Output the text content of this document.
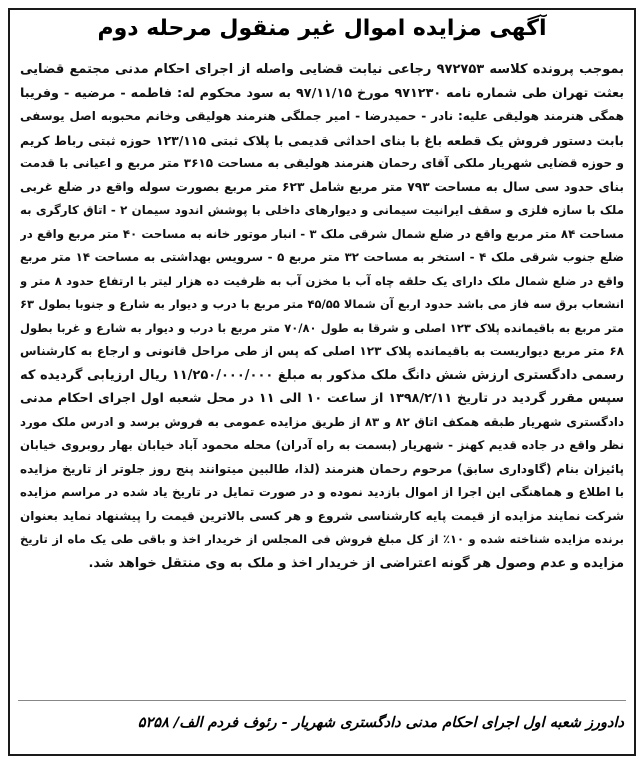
آگهی مزایده اموال غیر منقول مرحله دوم
بموجب پرونده کلاسه ۹۷۲۷۵۳ رجاعی نیابت قضایی واصله از اجرای احکام مدنی مجتمع قضایی
بعثت تهران طی شماره نامه ۹۷۱۲۳۰ مورخ ۹۷/۱۱/۱۵ به سود محکوم له: فاطمه - مرضیه - وفریبا
همگی هنرمند هولیقی علیه: نادر - حمیدرضا - امیر جملگی هنرمند هولیقی وخانم محبوبه اصل یوسفی
بابت دستور فروش یک قطعه باغ با بنای احداثی قدیمی با پلاک ثبتی ۱۲۳/۱۱۵ حوزه ثبتی رباط کریم
و حوزه قضایی شهریار ملکی آقای رحمان هنرمند هولیقی به مساحت ۳۶۱۵ متر مربع و اعیانی با قدمت
بنای حدود سی سال به مساحت ۷۹۳ متر مربع شامل ۶۲۳ متر مربع بصورت سوله واقع در ضلع غربی
ملک با سازه فلزی و سقف ایرانیت سیمانی و دیوارهای داخلی با پوشش اندود سیمان ۲ - اتاق کارگری به
مساحت ۸۴ متر مربع واقع در ضلع شمال شرقی ملک ۳ - انبار موتور خانه به مساحت ۴۰ متر مربع واقع در
ضلع جنوب شرقی ملک ۴ - استخر به مساحت ۳۲ متر مربع ۵ - سرویس بهداشتی به مساحت ۱۴ متر مربع
واقع در ضلع شمال ملک دارای یک حلقه چاه آب با مخزن آب به ظرفیت ده هزار لیتر با ارتفاع حدود ۸ متر و
انشعاب برق سه فاز می باشد حدود اربع آن شمالا ۴۵/۵۵ متر مربع با درب و دیوار به شارع و جنوبا بطول ۶۳
متر مربع به باقیمانده پلاک ۱۲۳ اصلی و شرقا به طول ۷۰/۸۰ متر مربع با درب و دیوار به شارع و غربا بطول
۶۸ متر مربع دیواریست به باقیمانده پلاک ۱۲۳ اصلی که پس از طی مراحل قانونی و ارجاع به کارشناس
رسمی دادگستری ارزش شش دانگ ملک مذکور به مبلغ ۱۱/۲۵۰/۰۰۰/۰۰۰ ریال ارزیابی گردیده که
سپس مقرر گردید در تاریخ ۱۳۹۸/۲/۱۱ از ساعت ۱۰ الی ۱۱ در محل شعبه اول اجرای احکام مدنی
دادگستری شهریار طبقه همکف اتاق ۸۲ و ۸۳ از طریق مزایده عمومی به فروش برسد و ادرس ملک مورد
نظر واقع در جاده قدیم کهنز - شهریار (بسمت به راه آدران) محله محمود آباد خیابان بهار روبروی خیابان
پائیزان بنام (گاوداری سابق) مرحوم رحمان هنرمند (لذا، طالبین میتوانند پنج روز جلوتر از تاریخ مزایده
با اطلاع و هماهنگی این اجرا از اموال بازدید نموده و در صورت تمایل در تاریخ یاد شده در مراسم مزایده
شرکت نمایند مزایده از قیمت پایه کارشناسی شروع و هر کسی بالاترین قیمت را پیشنهاد نماید بعنوان
برنده مزایده شناخته شده و ۱۰٪ از کل مبلغ فروش فی المجلس از خریدار اخذ و باقی طی یک ماه از تاریخ
مزایده و عدم وصول هر گونه اعتراضی از خریدار اخذ و ملک به وی منتقل خواهد شد.
دادورز شعبه اول اجرای احکام مدنی دادگستری شهریار - رئوف فردم الف/ ۵۲۵۸
